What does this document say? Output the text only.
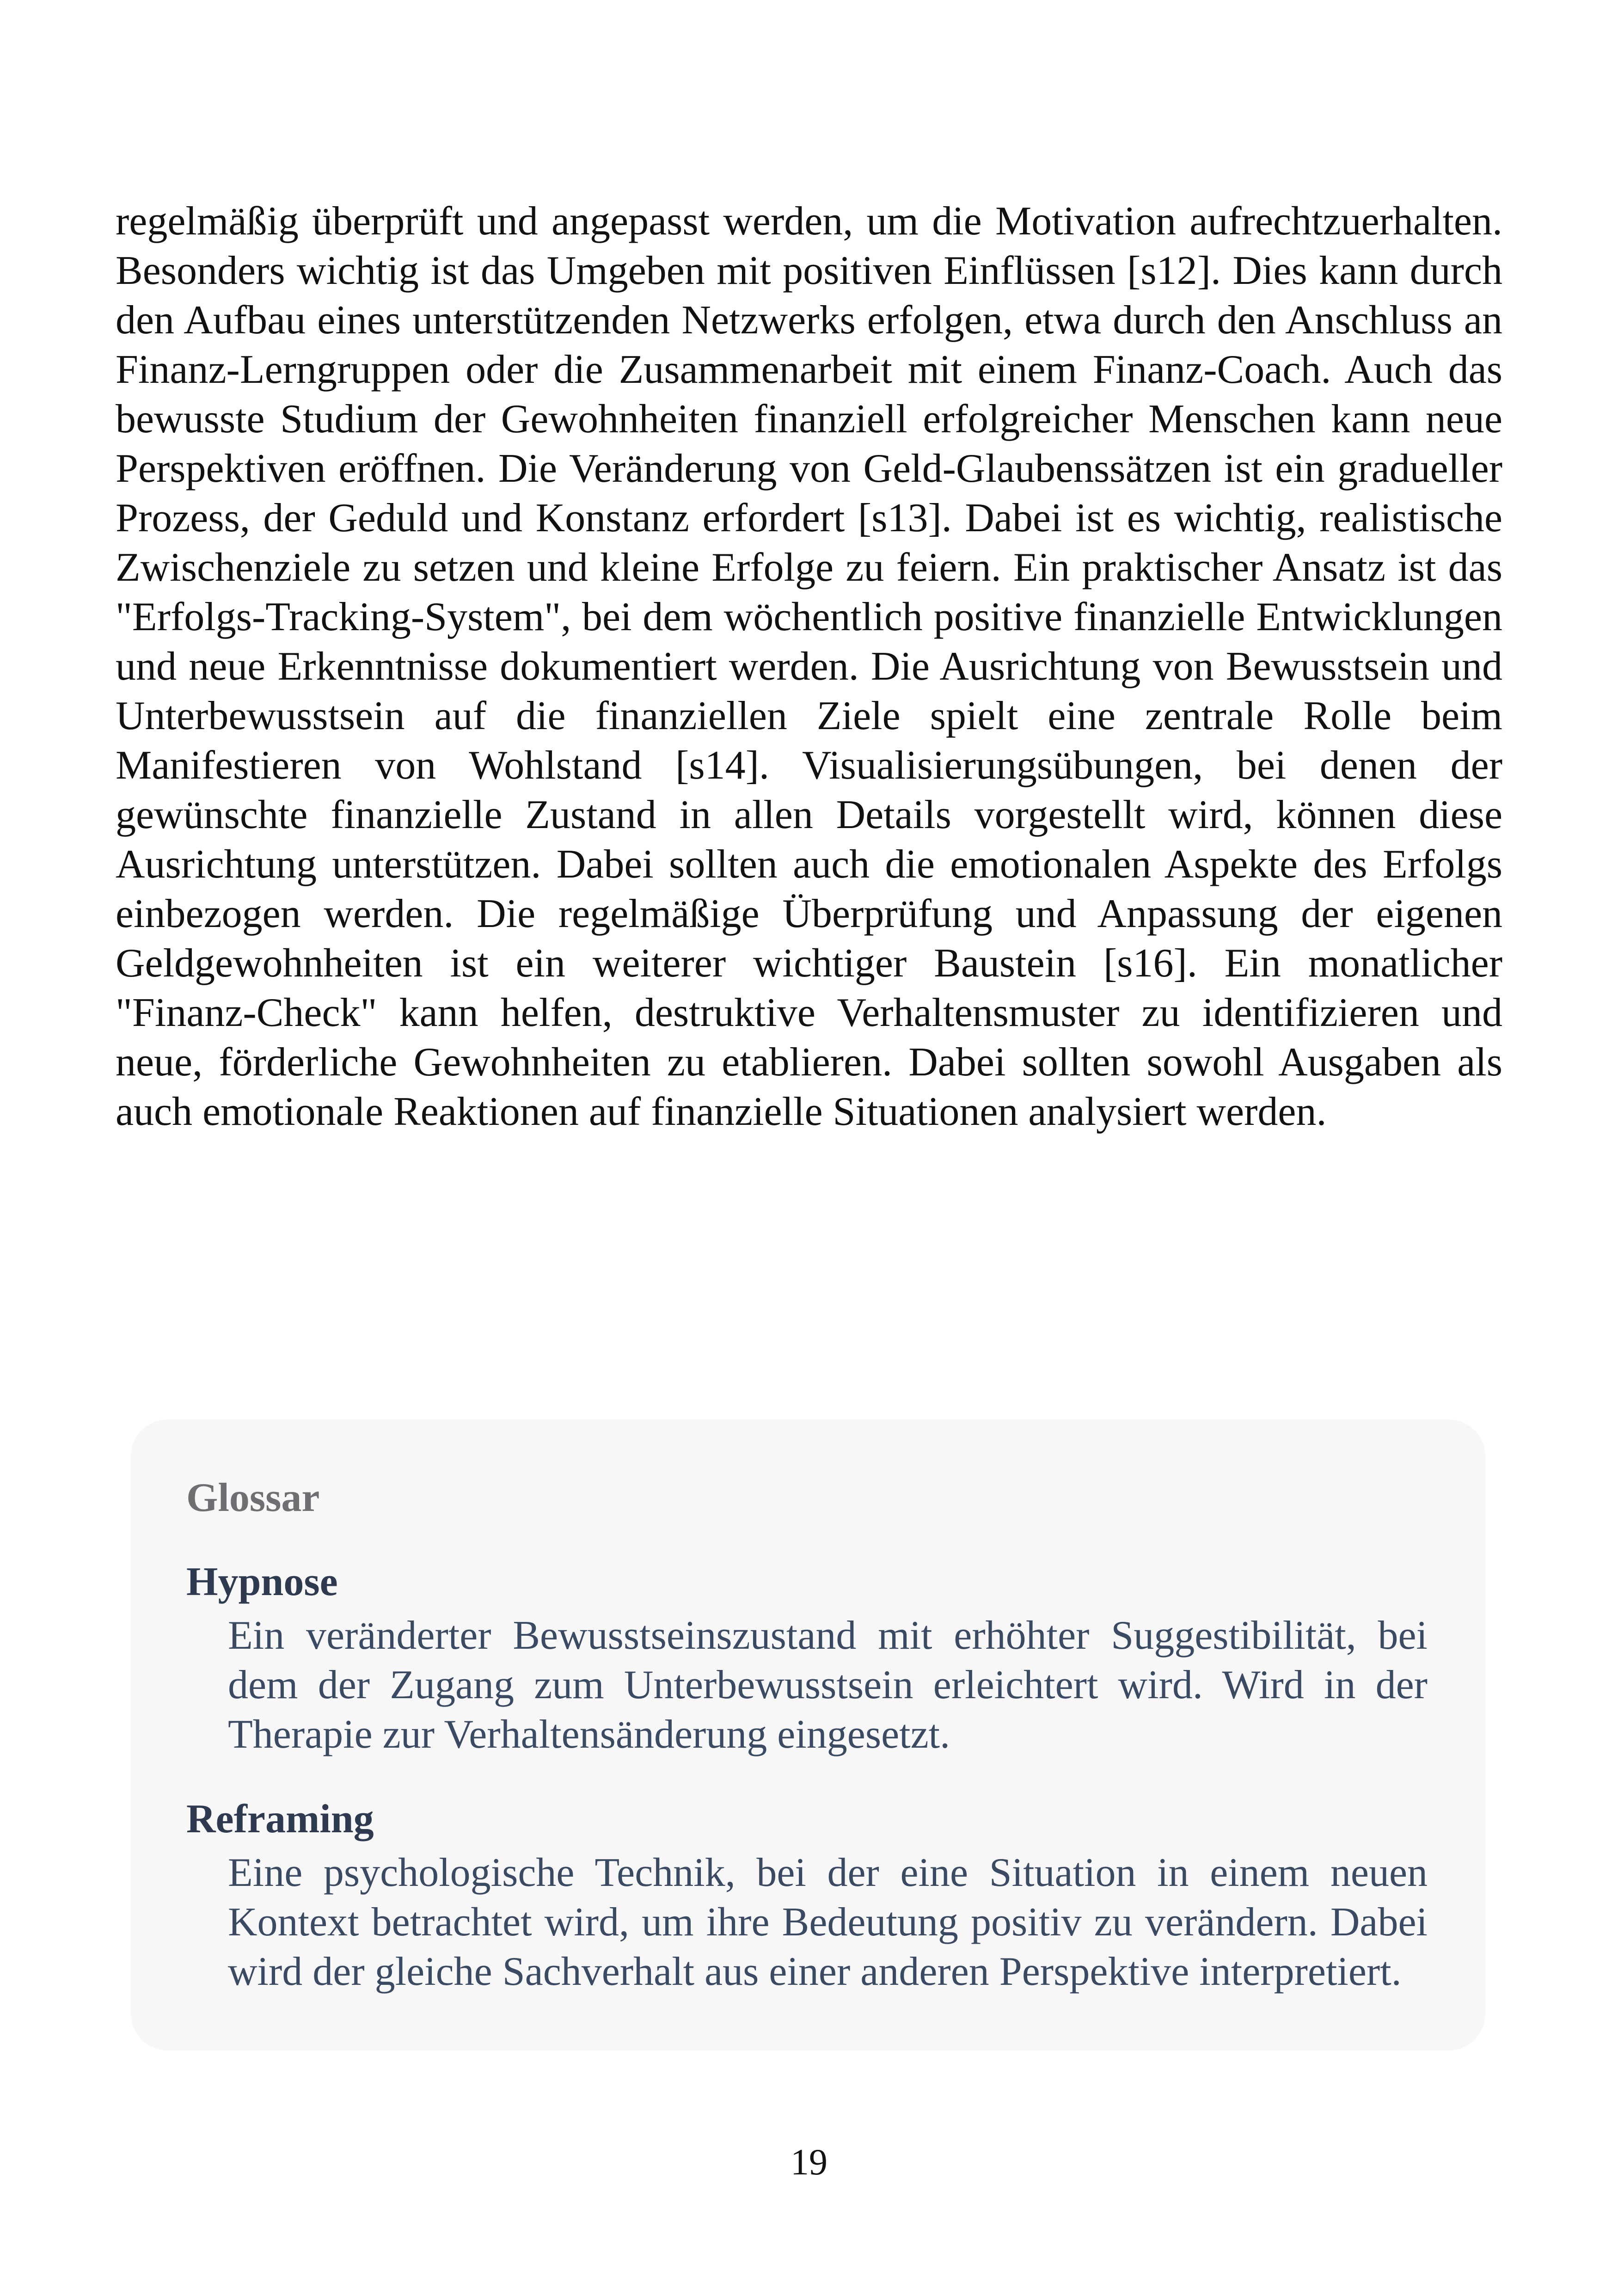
regelmäßig überprüft und angepasst werden, um die Motivation aufrechtzuerhalten. Besonders wichtig ist das Umgeben mit positiven Einflüssen [s12]. Dies kann durch den Aufbau eines unterstützenden Netzwerks erfolgen, etwa durch den Anschluss an Finanz-Lerngruppen oder die Zusammenarbeit mit einem Finanz-Coach. Auch das bewusste Studium der Gewohnheiten finanziell erfolgreicher Menschen kann neue Perspektiven eröffnen. Die Veränderung von Geld-Glaubenssätzen ist ein gradueller Prozess, der Geduld und Konstanz erfordert [s13]. Dabei ist es wichtig, realistische Zwischenziele zu setzen und kleine Erfolge zu feiern. Ein praktischer Ansatz ist das "Erfolgs-Tracking-System", bei dem wöchentlich positive finanzielle Entwicklungen und neue Erkenntnisse dokumentiert werden. Die Ausrichtung von Bewusstsein und Unterbewusstsein auf die finanziellen Ziele spielt eine zentrale Rolle beim Manifestieren von Wohlstand [s14]. Visualisierungsübungen, bei denen der gewünschte finanzielle Zustand in allen Details vorgestellt wird, können diese Ausrichtung unterstützen. Dabei sollten auch die emotionalen Aspekte des Erfolgs einbezogen werden. Die regelmäßige Überprüfung und Anpassung der eigenen Geldgewohnheiten ist ein weiterer wichtiger Baustein [s16]. Ein monatlicher "Finanz-Check" kann helfen, destruktive Verhaltensmuster zu identifizieren und neue, förderliche Gewohnheiten zu etablieren. Dabei sollten sowohl Ausgaben als auch emotionale Reaktionen auf finanzielle Situationen analysiert werden.

Glossar
Hypnose
Ein veränderter Bewusstseinszustand mit erhöhter Suggestibilität, bei dem der Zugang zum Unterbewusstsein erleichtert wird. Wird in der Therapie zur Verhaltensänderung eingesetzt.
Reframing
Eine psychologische Technik, bei der eine Situation in einem neuen Kontext betrachtet wird, um ihre Bedeutung positiv zu verändern. Dabei wird der gleiche Sachverhalt aus einer anderen Perspektive interpretiert.
19
